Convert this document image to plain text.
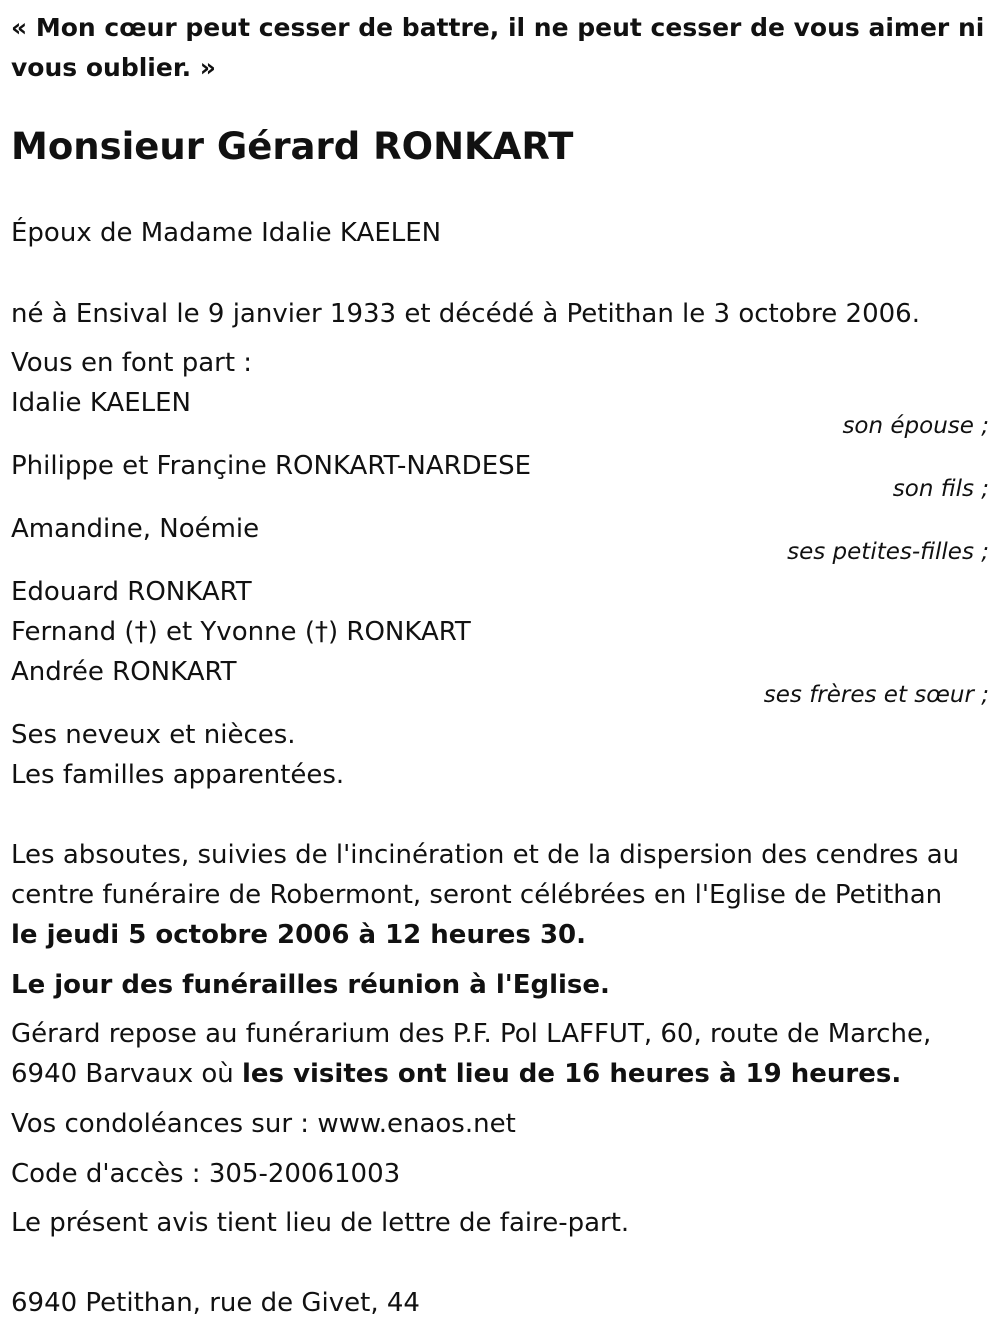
« Mon cœur peut cesser de battre, il ne peut cesser de vous aimer ni vous oublier. »
Monsieur Gérard RONKART
Époux de Madame Idalie KAELEN
né à Ensival le 9 janvier 1933 et décédé à Petithan le 3 octobre 2006.
Vous en font part :
Idalie KAELEN
son épouse ;
Philippe et Françine RONKART-NARDESE
son fils ;
Amandine, Noémie
ses petites-filles ;
Edouard RONKART
Fernand (†) et Yvonne (†) RONKART
Andrée RONKART
ses frères et sœur ;
Ses neveux et nièces.
Les familles apparentées.
Les absoutes, suivies de l'incinération et de la dispersion des cendres au centre funéraire de Robermont, seront célébrées en l'Eglise de Petithan
le jeudi 5 octobre 2006 à 12 heures 30.
Le jour des funérailles réunion à l'Eglise.
Gérard repose au funérarium des P.F. Pol LAFFUT, 60, route de Marche, 6940 Barvaux où les visites ont lieu de 16 heures à 19 heures.
Vos condoléances sur : www.enaos.net
Code d'accès : 305-20061003
Le présent avis tient lieu de lettre de faire-part.
6940 Petithan, rue de Givet, 44
